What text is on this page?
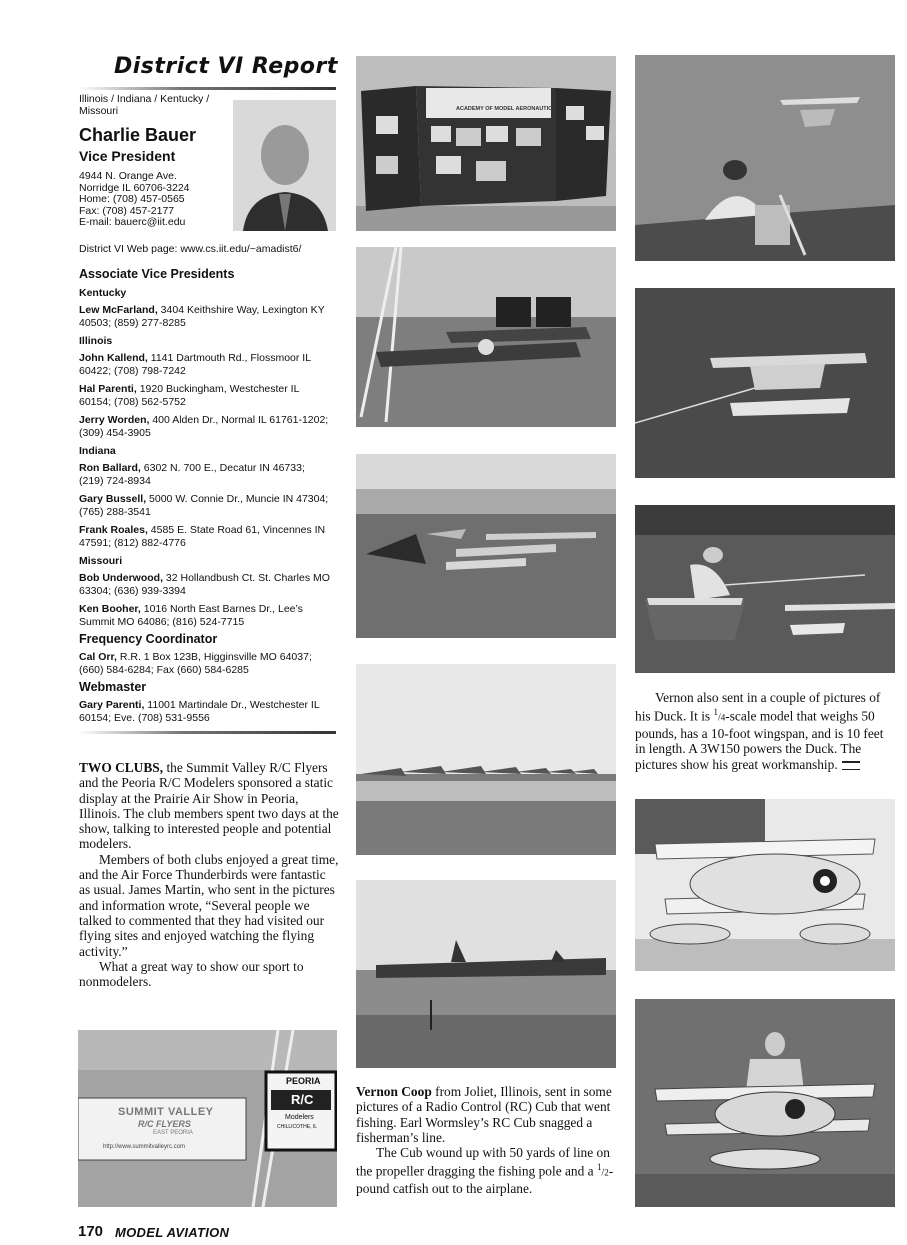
District VI Report
Illinois / Indiana / Kentucky / Missouri
Charlie Bauer
Vice President
4944 N. Orange Ave.
Norridge IL 60706-3224
Home: (708) 457-0565
Fax: (708) 457-2177
E-mail: bauerc@iit.edu
District VI Web page: www.cs.iit.edu/~amadist6/
Associate Vice Presidents
Kentucky
Lew McFarland, 3404 Keithshire Way, Lexington KY 40503; (859) 277-8285
Illinois
John Kallend, 1141 Dartmouth Rd., Flossmoor IL 60422; (708) 798-7242
Hal Parenti, 1920 Buckingham, Westchester IL 60154; (708) 562-5752
Jerry Worden, 400 Alden Dr., Normal IL 61761-1202; (309) 454-3905
Indiana
Ron Ballard, 6302 N. 700 E., Decatur IN 46733; (219) 724-8934
Gary Bussell, 5000 W. Connie Dr., Muncie IN 47304; (765) 288-3541
Frank Roales, 4585 E. State Road 61, Vincennes IN 47591; (812) 882-4776
Missouri
Bob Underwood, 32 Hollandbush Ct. St. Charles MO 63304; (636) 939-3394
Ken Booher, 1016 North East Barnes Dr., Lee’s Summit MO 64086; (816) 524-7715
Frequency Coordinator
Cal Orr, R.R. 1 Box 123B, Higginsville MO 64037; (660) 584-6284; Fax (660) 584-6285
Webmaster
Gary Parenti, 11001 Martindale Dr., Westchester IL 60154; Eve. (708) 531-9556

TWO CLUBS, the Summit Valley R/C Flyers and the Peoria R/C Modelers sponsored a static display at the Prairie Air Show in Peoria, Illinois. The club members spent two days at the show, talking to interested people and potential modelers.

Members of both clubs enjoyed a great time, and the Air Force Thunderbirds were fantastic as usual. James Martin, who sent in the pictures and information wrote, “Several people we talked to commented that they had visited our flying sites and enjoyed watching the flying activity.”

What a great way to show our sport to nonmodelers.

SUMMIT VALLEY
R/C FLYERS
EAST PEORIA
http://www.summitvalleyrc.com
PEORIA
R/C
Modelers
CHILLICOTHE, IL
ACADEMY OF MODEL AERONAUTICS

Vernon Coop from Joliet, Illinois, sent in some pictures of a Radio Control (RC) Cub that went fishing. Earl Wormsley’s RC Cub snagged a fisherman’s line.

The Cub wound up with 50 yards of line on the propeller dragging the fishing pole and a $^1$/2-pound catfish out to the airplane.

Vernon also sent in a couple of pictures of his Duck. It is $^1$/4-scale model that weighs 50 pounds, has a 10-foot wingspan, and is 10 feet in length. A 3W150 powers the Duck. The pictures show his great workmanship.

170 MODEL AVIATION
